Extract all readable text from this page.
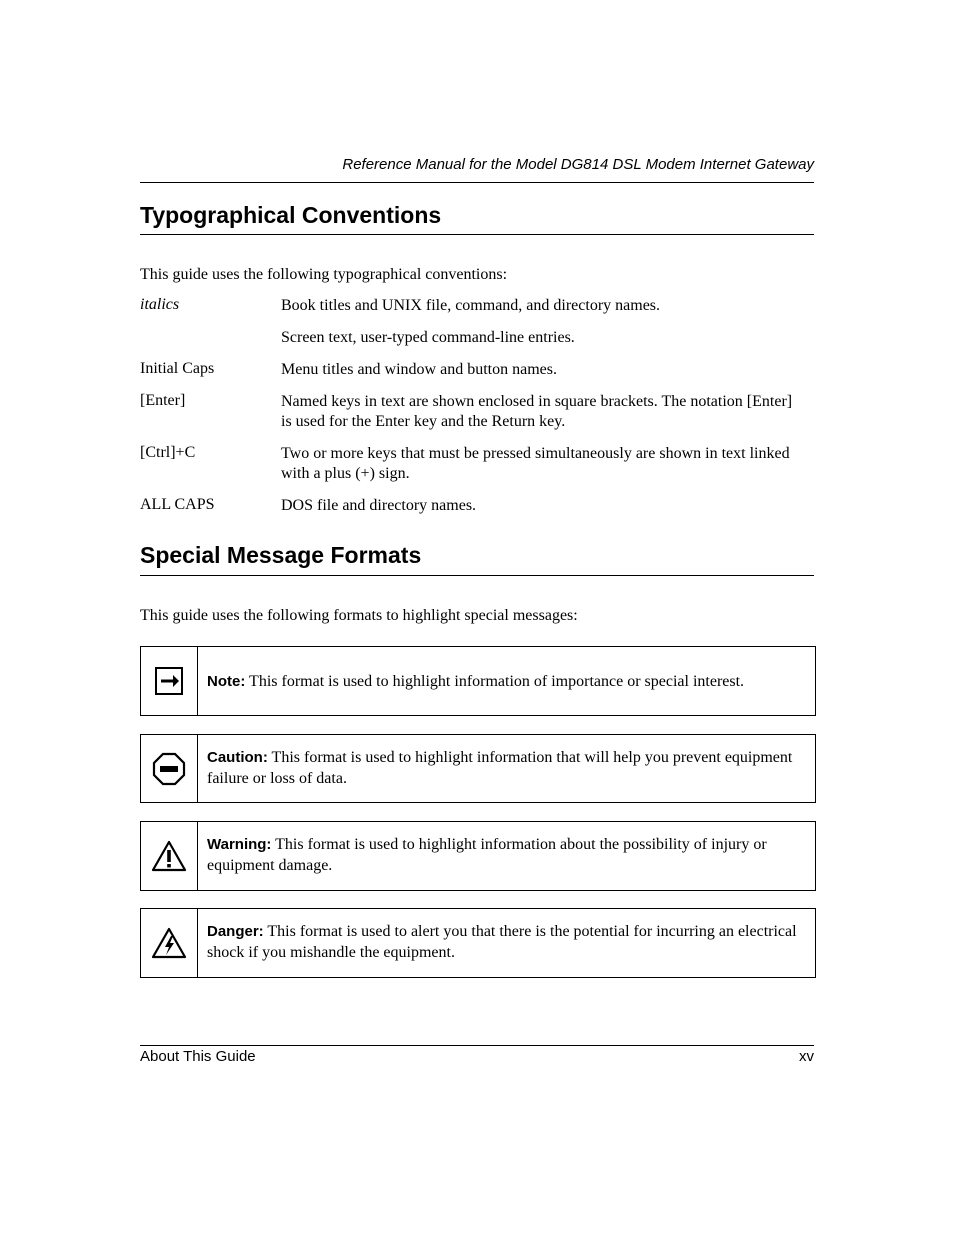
Reference Manual for the Model DG814 DSL Modem Internet Gateway
Typographical Conventions

This guide uses the following typographical conventions:

italics	Book titles and UNIX file, command, and directory names.
Screen text, user-typed command-line entries.
Initial Caps	Menu titles and window and button names.
[Enter]	Named keys in text are shown enclosed in square brackets. The notation [Enter] is used for the Enter key and the Return key.
[Ctrl]+C	Two or more keys that must be pressed simultaneously are shown in text linked with a plus (+) sign.
ALL CAPS	DOS file and directory names.
Special Message Formats

This guide uses the following formats to highlight special messages:

Note: This format is used to highlight information of importance or special interest.
Caution: This format is used to highlight information that will help you prevent equipment failure or loss of data.
Warning: This format is used to highlight information about the possibility of injury or equipment damage.
Danger: This format is used to alert you that there is the potential for incurring an electrical shock if you mishandle the equipment.
About This Guide	xv
